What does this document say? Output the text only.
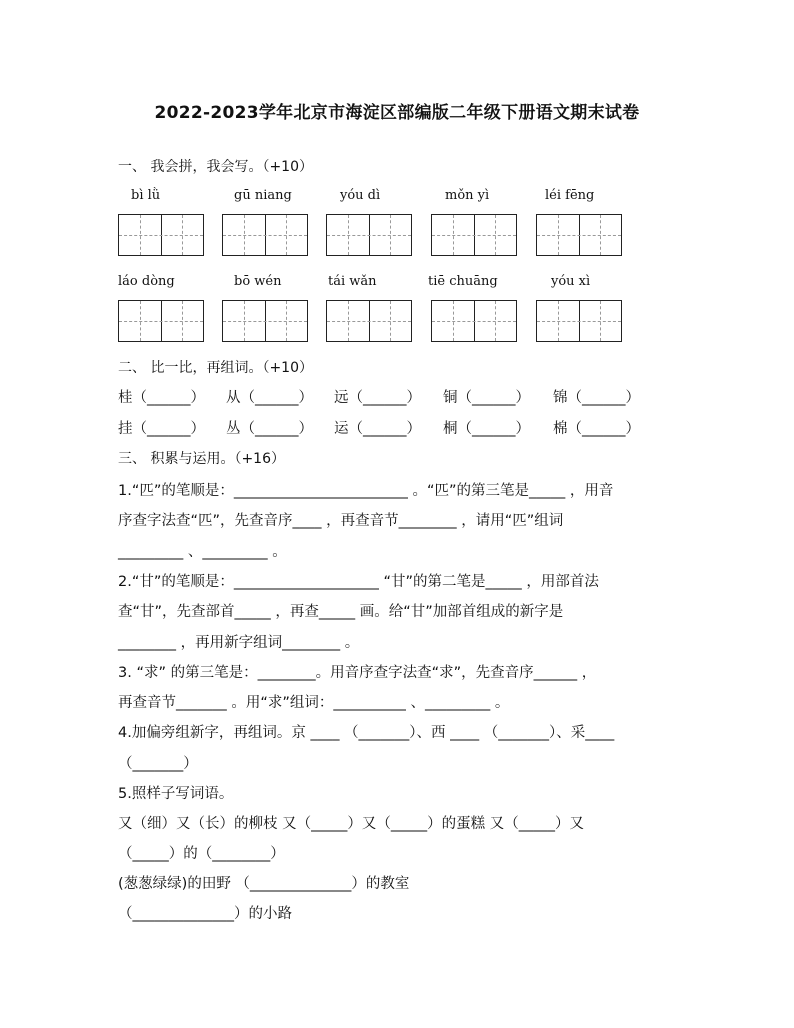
2022-2023学年北京市海淀区部编版二年级下册语文期末试卷
一、 我会拼，我会写。（+10）
bì lǜ	gū niang	yóu dì	mǒn yì	léi fēng
láo dòng	bō wén	tái wǎn	tiē chuāng	yóu xì
二、 比一比，再组词。（+10）
桂（______） 从（______） 远（______） 铜（______） 锦（______）
挂（______） 丛（______） 运（______） 桐（______） 棉（______）
三、 积累与运用。（+16）
1.“匹”的笔顺是：________________________ 。“匹”的第三笔是_____ ，用音
序查字法查“匹”，先查音序____ ，再查音节________ ，请用“匹”组词
_________ 、_________ 。
2.“甘”的笔顺是：____________________ “甘”的第二笔是_____ ，用部首法
查“甘”，先查部首_____ ，再查_____ 画。给“甘”加部首组成的新字是
________ ，再用新字组词________ 。
3. “求” 的第三笔是：________。用音序查字法查“求”，先查音序______ ，
再查音节_______ 。用“求”组词：__________ 、_________ 。
4.加偏旁组新字，再组词。京 ____ （_______）、西 ____ （_______）、采____
（_______）
5.照样子写词语。
又（细）又（长）的柳枝 又（_____）又（_____）的蛋糕 又（_____）又
（_____）的（________）
(葱葱绿绿)的田野 （______________）的教室
（______________）的小路
